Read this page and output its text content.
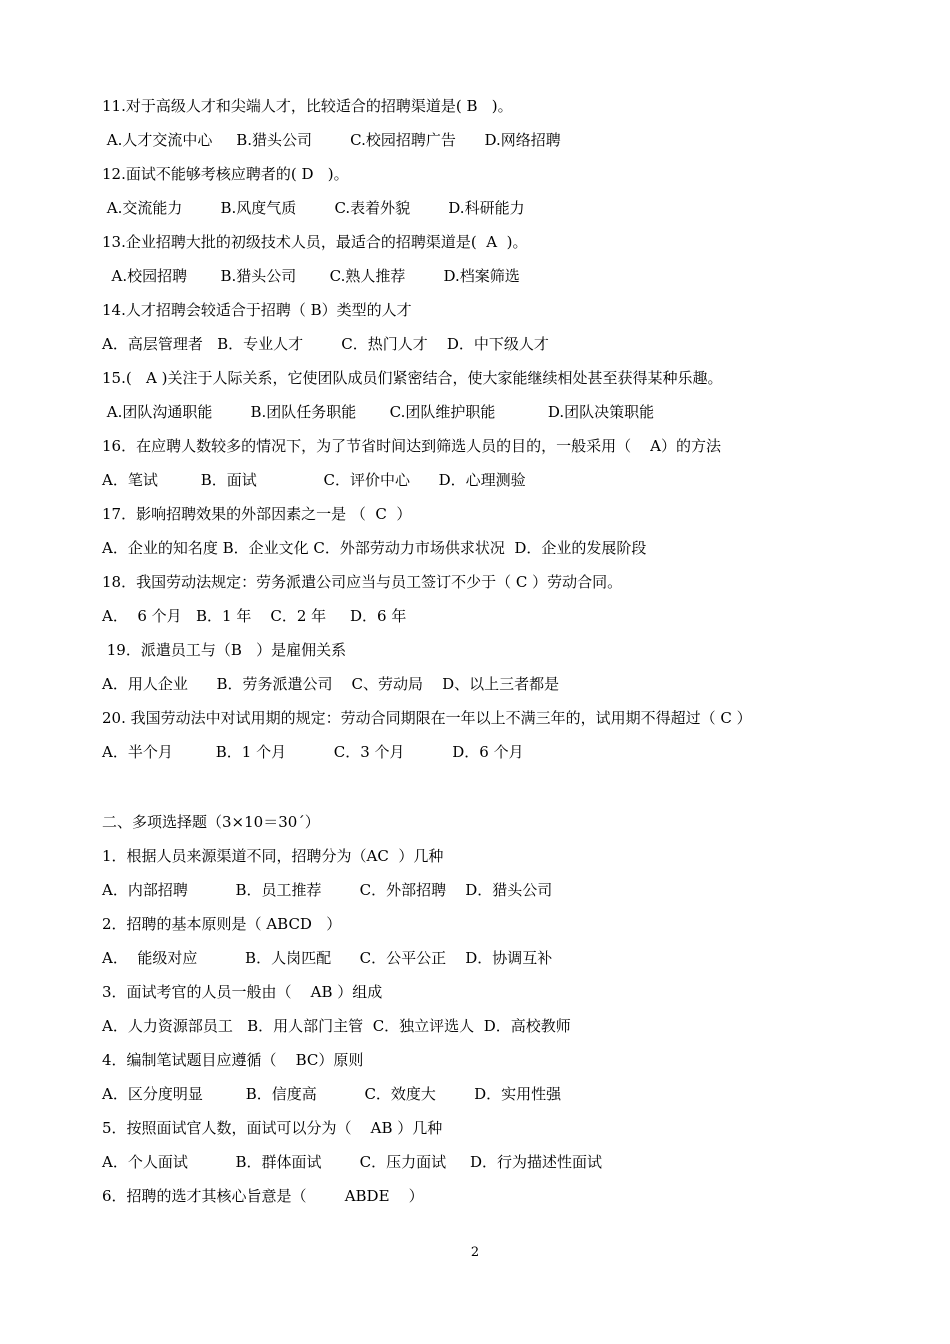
11.对于高级人才和尖端人才，比较适合的招聘渠道是( B   )。
A.人才交流中心     B.猎头公司        C.校园招聘广告      D.网络招聘
12.面试不能够考核应聘者的( D   )。
A.交流能力        B.风度气质        C.表着外貌        D.科研能力
13.企业招聘大批的初级技术人员，最适合的招聘渠道是(  A  )。
A.校园招聘       B.猎头公司       C.熟人推荐        D.档案筛选
14.人才招聘会较适合于招聘（ B）类型的人才
A．高层管理者   B．专业人才        C．热门人才    D．中下级人才
15.(   A )关注于人际关系，它使团队成员们紧密结合，使大家能继续相处甚至获得某种乐趣。
A.团队沟通职能        B.团队任务职能       C.团队维护职能           D.团队决策职能
16．在应聘人数较多的情况下，为了节省时间达到筛选人员的目的，一般采用（    A）的方法
A．笔试         B．面试              C．评价中心      D．心理测验
17．影响招聘效果的外部因素之一是 （  C  ）
A．企业的知名度 B．企业文化 C．外部劳动力市场供求状况  D．企业的发展阶段
18．我国劳动法规定：劳务派遣公司应当与员工签订不少于（ C ）劳动合同。
A．  6 个月   B．1 年    C．2 年     D．6 年
19．派遣员工与（B   ）是雇佣关系
A．用人企业      B．劳务派遣公司    C、劳动局    D、以上三者都是
20. 我国劳动法中对试用期的规定：劳动合同期限在一年以上不满三年的，试用期不得超过（ C ）
A．半个月         B．1 个月          C．3 个月          D．6 个月
二、多项选择题（3×10＝30ˊ）
1．根据人员来源渠道不同，招聘分为（AC  ）几种
A．内部招聘          B．员工推荐        C．外部招聘    D．猎头公司
2．招聘的基本原则是（ ABCD   ）
A．  能级对应          B．人岗匹配      C．公平公正    D．协调互补
3．面试考官的人员一般由（    AB ）组成
A．人力资源部员工   B．用人部门主管  C．独立评选人  D．高校教师
4．编制笔试题目应遵循（    BC）原则
A．区分度明显         B．信度高          C．效度大        D．实用性强
5．按照面试官人数，面试可以分为（    AB ）几种
A．个人面试          B．群体面试        C．压力面试     D．行为描述性面试
6．招聘的选才其核心旨意是（        ABDE    ）
2
